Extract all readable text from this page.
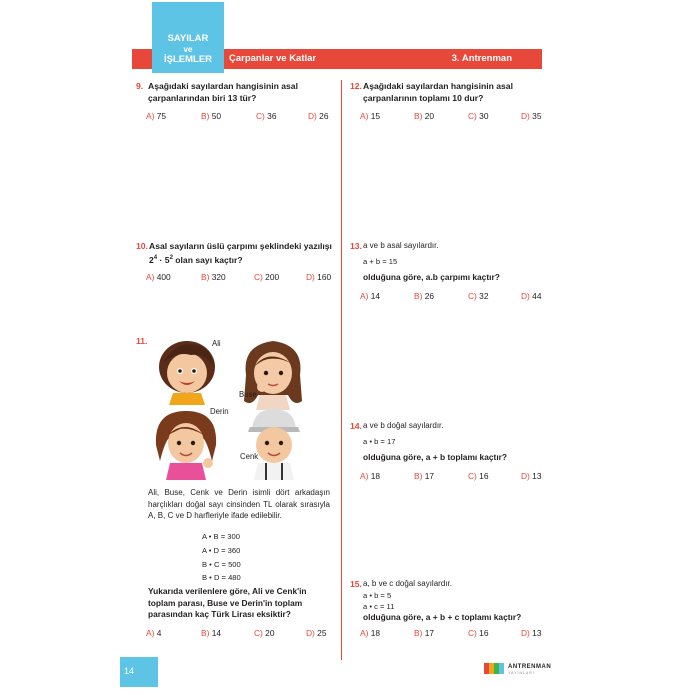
Çarpanlar ve Katlar	3. Antrenman
SAYILAR
ve
İŞLEMLER
9. Aşağıdaki sayılardan hangisinin asal çarpanlarından biri 13 tür?
A) 75	B) 50	C) 36	D) 26
10. Asal sayıların üslü çarpımı şeklindeki yazılışı
$2^4 \cdot 5^2$ olan sayı kaçtır?
A) 400	B) 320	C) 200	D) 160
11.	Ali
Buse
Derin
Cenk
Ali, Buse, Cenk ve Derin isimli dört arkadaşın harçlıkları doğal sayı cinsinden TL olarak sırasıyla A, B, C ve D harfleriyle ifade edilebilir.
A • B = 300
A • D = 360
B • C = 500
B • D = 480
Yukarıda verilenlere göre, Ali ve Cenk'in toplam parası, Buse ve Derin'in toplam parasından kaç Türk Lirası eksiktir?
A) 4	B) 14	C) 20	D) 25
12. Aşağıdaki sayılardan hangisinin asal çarpanlarının toplamı 10 dur?
A) 15	B) 20	C) 30	D) 35
13. a ve b asal sayılardır.
a + b = 15
olduğuna göre, a.b çarpımı kaçtır?
A) 14	B) 26	C) 32	D) 44
14. a ve b doğal sayılardır.
a • b = 17
olduğuna göre, a + b toplamı kaçtır?
A) 18	B) 17	C) 16	D) 13
15. a, b ve c doğal sayılardır.
a • b = 5
a • c = 11
olduğuna göre, a + b + c toplamı kaçtır?
A) 18	B) 17	C) 16	D) 13
14	ANTRENMAN
YAYINLARI
